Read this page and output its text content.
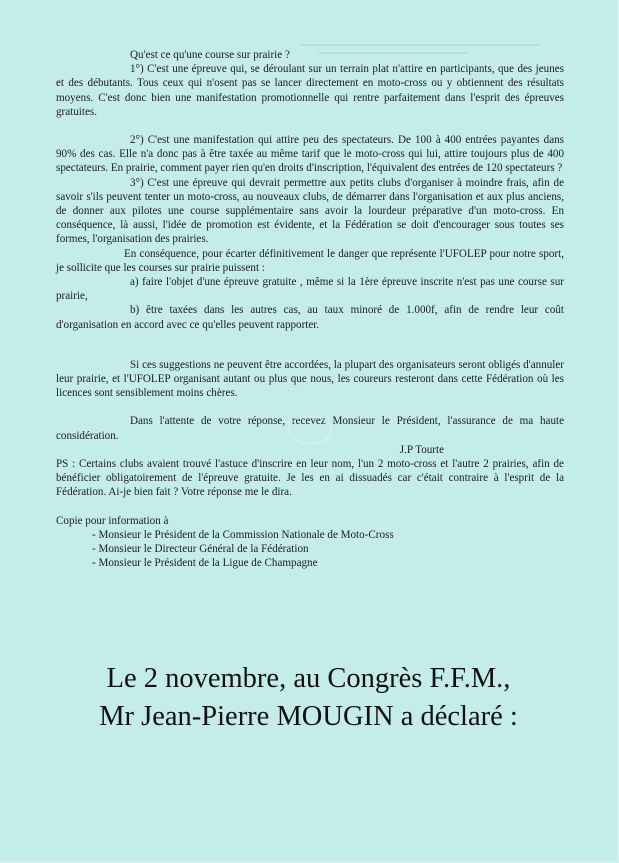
Qu'est ce qu'une course sur prairie ?

1°) C'est une épreuve qui, se déroulant sur un terrain plat n'attire en participants, que des jeunes et des débutants. Tous ceux qui n'osent pas se lancer directement en moto-cross ou y obtiennent des résultats moyens. C'est donc bien une manifestation promotionnelle qui rentre parfaitement dans l'esprit des épreuves gratuites.

2°) C'est une manifestation qui attire peu des spectateurs. De 100 à 400 entrées payantes dans 90% des cas. Elle n'a donc pas à être taxée au même tarif que le moto-cross qui lui, attire toujours plus de 400 spectateurs. En prairie, comment payer rien qu'en droits d'inscription, l'équivalent des entrées de 120 spectateurs ?

3°) C'est une épreuve qui devrait permettre aux petits clubs d'organiser à moindre frais, afin de savoir s'ils peuvent tenter un moto-cross, au nouveaux clubs, de démarrer dans l'organisation et aux plus anciens, de donner aux pilotes une course supplémentaire sans avoir la lourdeur préparative d'un moto-cross. En conséquence, là aussi, l'idée de promotion est évidente, et la Fédération se doit d'encourager sous toutes ses formes, l'organisation des prairies.

En conséquence, pour écarter définitivement le danger que représente l'UFOLEP pour notre sport, je sollicite que les courses sur prairie puissent :

a) faire l'objet d'une épreuve gratuite , même si la 1ère épreuve inscrite n'est pas une course sur prairie,

b) être taxées dans les autres cas, au taux minoré de 1.000f, afin de rendre leur coût d'organisation en accord avec ce qu'elles peuvent rapporter.

Si ces suggestions ne peuvent être accordées, la plupart des organisateurs seront obligés d'annuler leur prairie, et l'UFOLEP organisant autant ou plus que nous, les coureurs resteront dans cette Fédération où les licences sont sensiblement moins chères.

Dans l'attente de votre réponse, recevez Monsieur le Président, l'assurance de ma haute considération.

J.P Tourte

PS : Certains clubs avaient trouvé l'astuce d'inscrire en leur nom, l'un 2 moto-cross et l'autre 2 prairies, afin de bénéficier obligatoirement de l'épreuve gratuite. Je les en ai dissuadés car c'était contraire à l'esprit de la Fédération. Ai-je bien fait ? Votre réponse me le dira.

Copie pour information à

- Monsieur le Président de la Commission Nationale de Moto-Cross

- Monsieur le Directeur Général de la Fédération

- Monsieur le Président de la Ligue de Champagne

Le 2 novembre, au Congrès F.F.M.,
Mr Jean-Pierre MOUGIN a déclaré :
